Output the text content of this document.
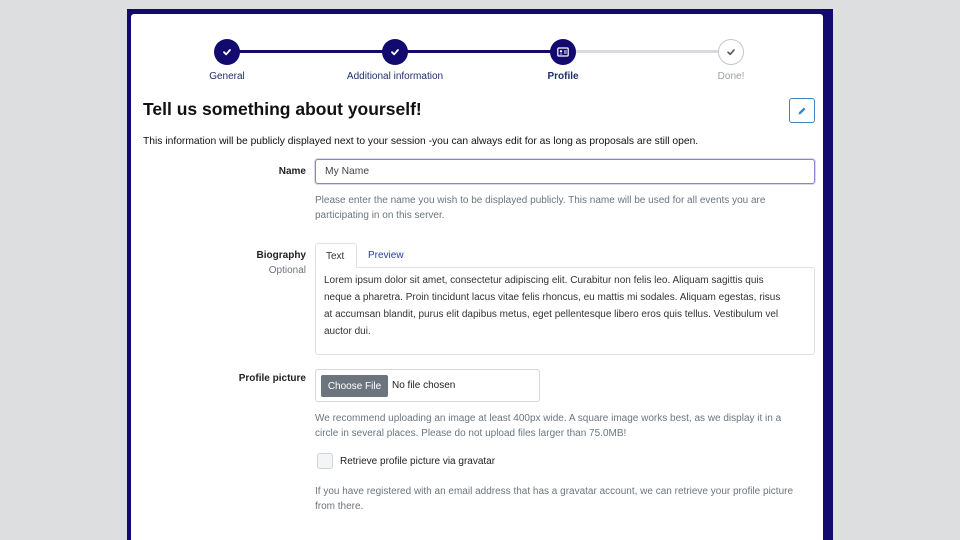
General	Additional information	Profile	Done!
Tell us something about yourself!
This information will be publicly displayed next to your session -you can always edit for as long as proposals are still open.
Name
My Name
Please enter the name you wish to be displayed publicly. This name will be used for all events you are
participating in on this server.
Biography
Optional
Text	Preview
Lorem ipsum dolor sit amet, consectetur adipiscing elit. Curabitur non felis leo. Aliquam sagittis quis
neque a pharetra. Proin tincidunt lacus vitae felis rhoncus, eu mattis mi sodales. Aliquam egestas, risus
at accumsan blandit, purus elit dapibus metus, eget pellentesque libero eros quis tellus. Vestibulum vel
auctor dui.
Profile picture
Choose File	No file chosen
We recommend uploading an image at least 400px wide. A square image works best, as we display it in a
circle in several places. Please do not upload files larger than 75.0MB!
Retrieve profile picture via gravatar
If you have registered with an email address that has a gravatar account, we can retrieve your profile picture
from there.
